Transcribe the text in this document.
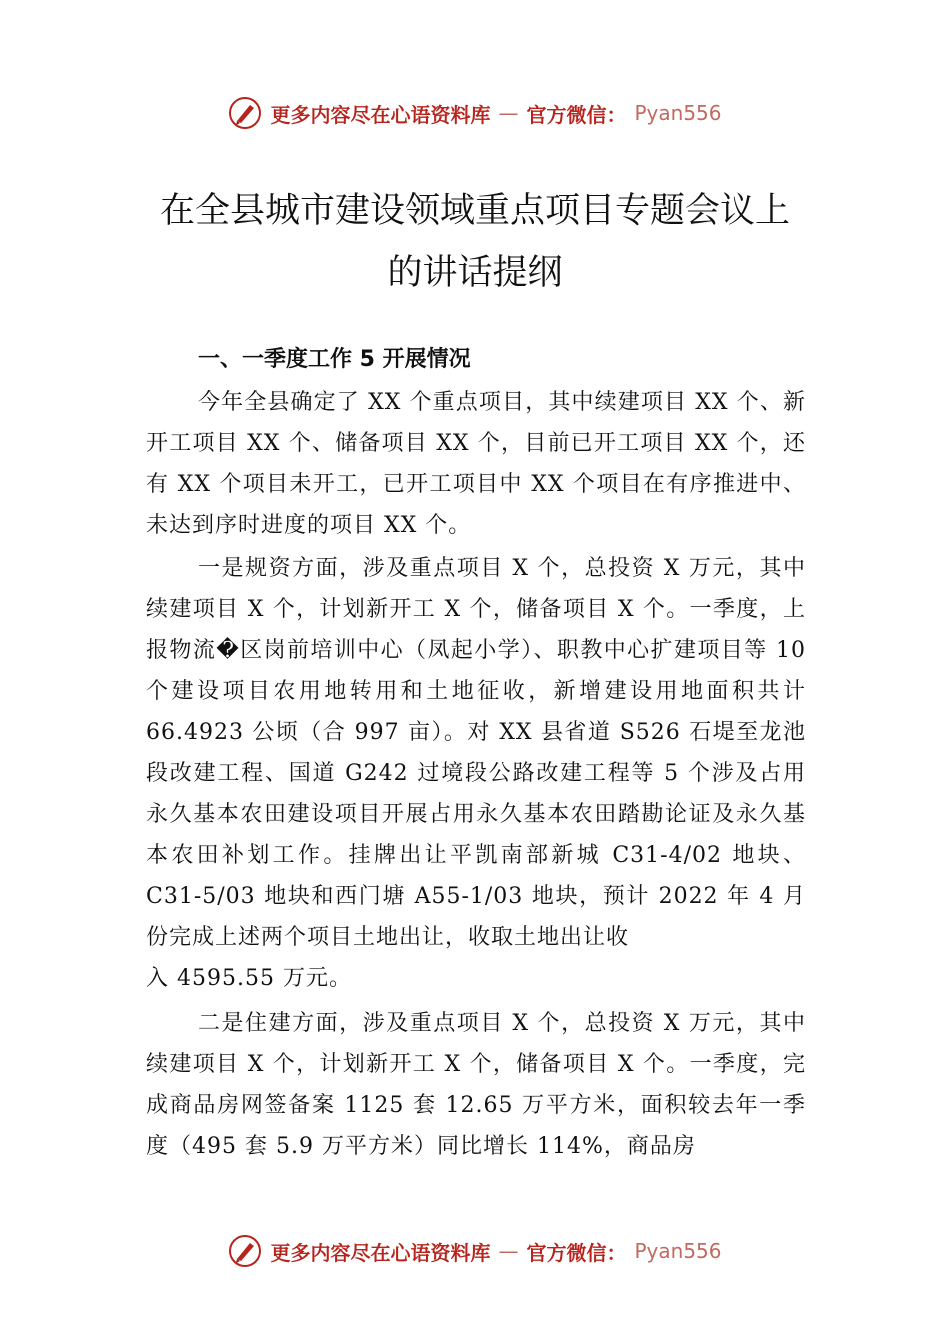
更多内容尽在心语资料库 — 官方微信： Pyan556
在全县城市建设领域重点项目专题会议上
的讲话提纲

一、一季度工作 5 开展情况

今年全县确定了 XX 个重点项目，其中续建项目 XX 个、新开工项目 XX 个、储备项目 XX 个，目前已开工项目 XX 个，还有 XX 个项目未开工，已开工项目中 XX 个项目在有序推进中、未达到序时进度的项目 XX 个。

一是规资方面，涉及重点项目 X 个，总投资 X 万元，其中续建项目 X 个，计划新开工 X 个，储备项目 X 个。一季度，上报物流�区岗前培训中心（凤起小学）、职教中心扩建项目等 10 个建设项目农用地转用和土地征收，新增建设用地面积共计 66.4923 公顷（合 997 亩）。对 XX 县省道 S526 石堤至龙池段改建工程、国道 G242 过境段公路改建工程等 5 个涉及占用永久基本农田建设项目开展占用永久基本农田踏勘论证及永久基本农田补划工作。挂牌出让平凯南部新城 C31-4/02 地块、C31-5/03 地块和西门塘 A55-1/03 地块，预计 2022 年 4 月份完成上述两个项目土地出让，收取土地出让收

入 4595.55 万元。

二是住建方面，涉及重点项目 X 个，总投资 X 万元，其中续建项目 X 个，计划新开工 X 个，储备项目 X 个。一季度，完成商品房网签备案 1125 套 12.65 万平方米，面积较去年一季度（495 套 5.9 万平方米）同比增长 114%，商品房

更多内容尽在心语资料库 — 官方微信： Pyan556
